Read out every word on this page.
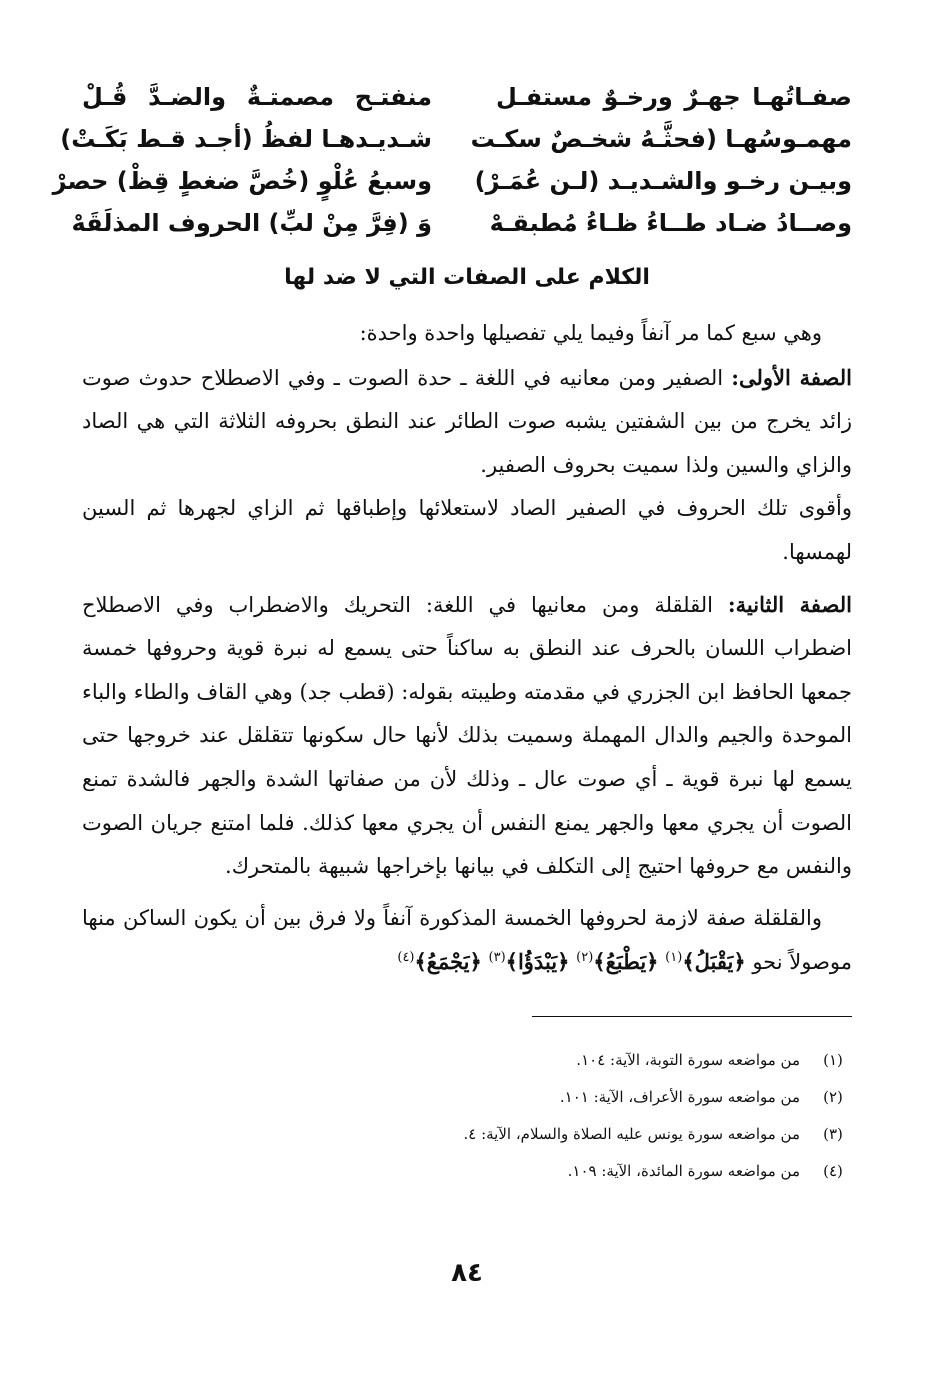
صفـاتُهـا جهـرٌ ورخـوٌ مستفـل
منفتـح مصمتـةٌ والضـدَّ قُـلْ
مهمـوسُهـا (فحثَّـهُ شخـصٌ سكـت
شـديـدهـا لفظُ (أجـد قـط بَكَـتْ)
وبيـن رخـو والشـديـد (لـن عُمَـرْ)
وسبعُ عُلْوٍ (خُصَّ ضغطٍ قِظْ) حصرْ
وصــادُ ضـاد طــاءُ ظـاءُ مُطبقـهْ
وَ (فِرَّ مِنْ لبِّ) الحروف المذلَقَهْ
الكلام على الصفات التي لا ضد لها

وهي سبع كما مر آنفاً وفيما يلي تفصيلها واحدة واحدة:

الصفة الأولى: الصفير ومن معانيه في اللغة ـ حدة الصوت ـ وفي الاصطلاح حدوث صوت زائد يخرج من بين الشفتين يشبه صوت الطائر عند النطق بحروفه الثلاثة التي هي الصاد والزاي والسين ولذا سميت بحروف الصفير.

وأقوى تلك الحروف في الصفير الصاد لاستعلائها وإطباقها ثم الزاي لجهرها ثم السين لهمسها.

الصفة الثانية: القلقلة ومن معانيها في اللغة: التحريك والاضطراب وفي الاصطلاح اضطراب اللسان بالحرف عند النطق به ساكناً حتى يسمع له نبرة قوية وحروفها خمسة جمعها الحافظ ابن الجزري في مقدمته وطيبته بقوله: (قطب جد) وهي القاف والطاء والباء الموحدة والجيم والدال المهملة وسميت بذلك لأنها حال سكونها تتقلقل عند خروجها حتى يسمع لها نبرة قوية ـ أي صوت عال ـ وذلك لأن من صفاتها الشدة والجهر فالشدة تمنع الصوت أن يجري معها والجهر يمنع النفس أن يجري معها كذلك. فلما امتنع جريان الصوت والنفس مع حروفها احتيج إلى التكلف في بيانها بإخراجها شبيهة بالمتحرك.

والقلقلة صفة لازمة لحروفها الخمسة المذكورة آنفاً ولا فرق بين أن يكون الساكن منها موصولاً نحو ﴿يَقْبَلُ﴾$^{(١)}$ ﴿يَطْبَعُ﴾$^{(٢)}$ ﴿يَبْدَؤُا﴾$^{(٣)}$ ﴿يَجْمَعُ﴾$^{(٤)}$

(١)
من مواضعه سورة التوبة، الآية: ١٠٤.
(٢)
من مواضعه سورة الأعراف، الآية: ١٠١.
(٣)
من مواضعه سورة يونس عليه الصلاة والسلام، الآية: ٤.
(٤)
من مواضعه سورة المائدة، الآية: ١٠٩.
٨٤
